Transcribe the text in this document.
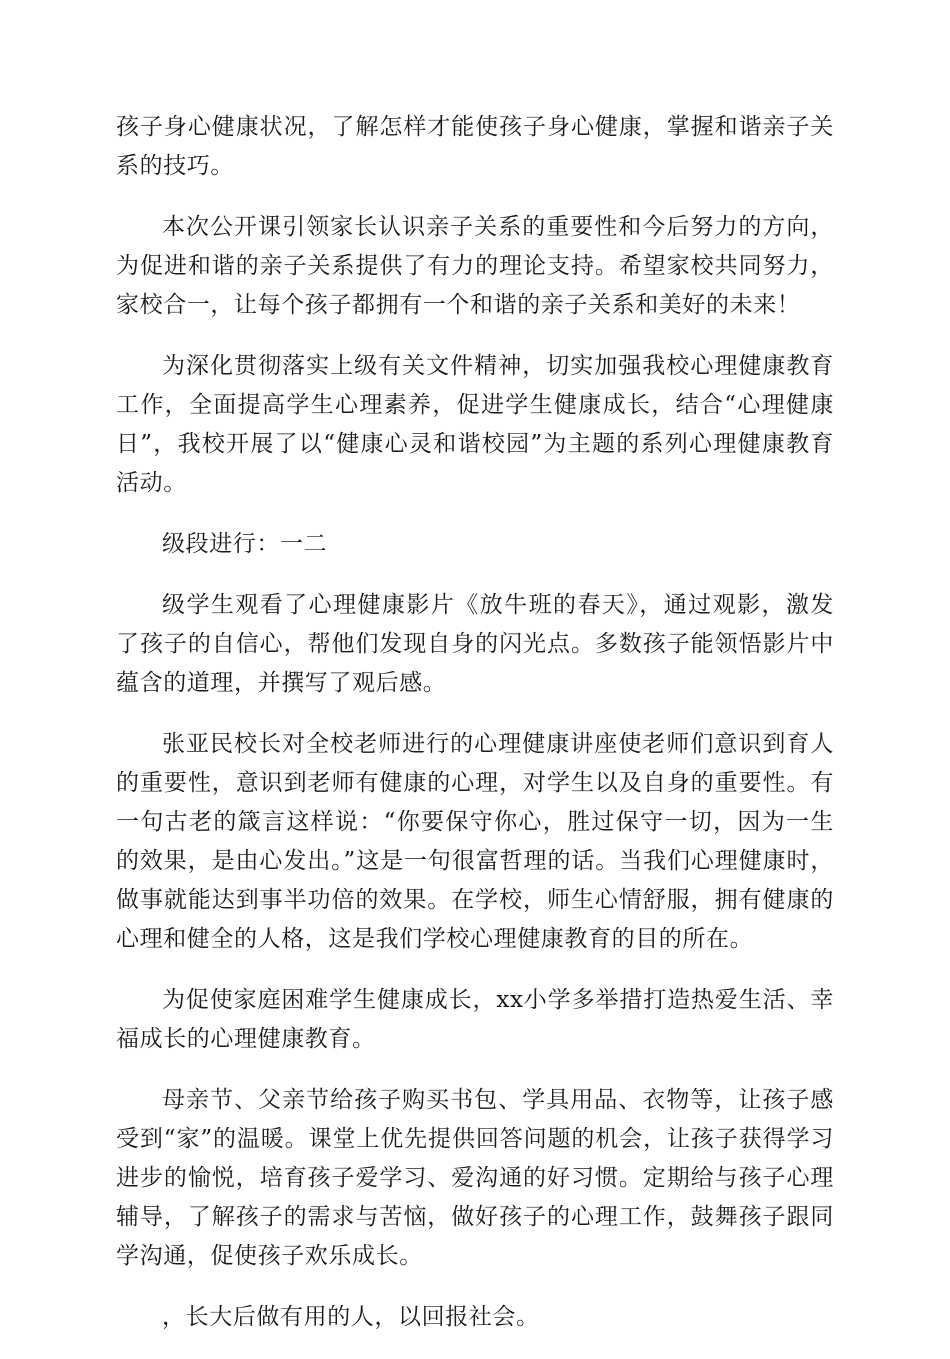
孩子身心健康状况，了解怎样才能使孩子身心健康，掌握和谐亲子关系的技巧。

本次公开课引领家长认识亲子关系的重要性和今后努力的方向，为促进和谐的亲子关系提供了有力的理论支持。希望家校共同努力，家校合一，让每个孩子都拥有一个和谐的亲子关系和美好的未来！

为深化贯彻落实上级有关文件精神，切实加强我校心理健康教育工作，全面提高学生心理素养，促进学生健康成长，结合“心理健康日”，我校开展了以“健康心灵和谐校园”为主题的系列心理健康教育活动。

级段进行：一二

级学生观看了心理健康影片《放牛班的春天》，通过观影，激发了孩子的自信心，帮他们发现自身的闪光点。多数孩子能领悟影片中蕴含的道理，并撰写了观后感。

张亚民校长对全校老师进行的心理健康讲座使老师们意识到育人的重要性，意识到老师有健康的心理，对学生以及自身的重要性。有一句古老的箴言这样说：“你要保守你心，胜过保守一切，因为一生的效果，是由心发出。”这是一句很富哲理的话。当我们心理健康时，做事就能达到事半功倍的效果。在学校，师生心情舒服，拥有健康的心理和健全的人格，这是我们学校心理健康教育的目的所在。

为促使家庭困难学生健康成长，xx小学多举措打造热爱生活、幸福成长的心理健康教育。

母亲节、父亲节给孩子购买书包、学具用品、衣物等，让孩子感受到“家”的温暖。课堂上优先提供回答问题的机会，让孩子获得学习进步的愉悦，培育孩子爱学习、爱沟通的好习惯。定期给与孩子心理辅导，了解孩子的需求与苦恼，做好孩子的心理工作，鼓舞孩子跟同学沟通，促使孩子欢乐成长。

，长大后做有用的人，以回报社会。
